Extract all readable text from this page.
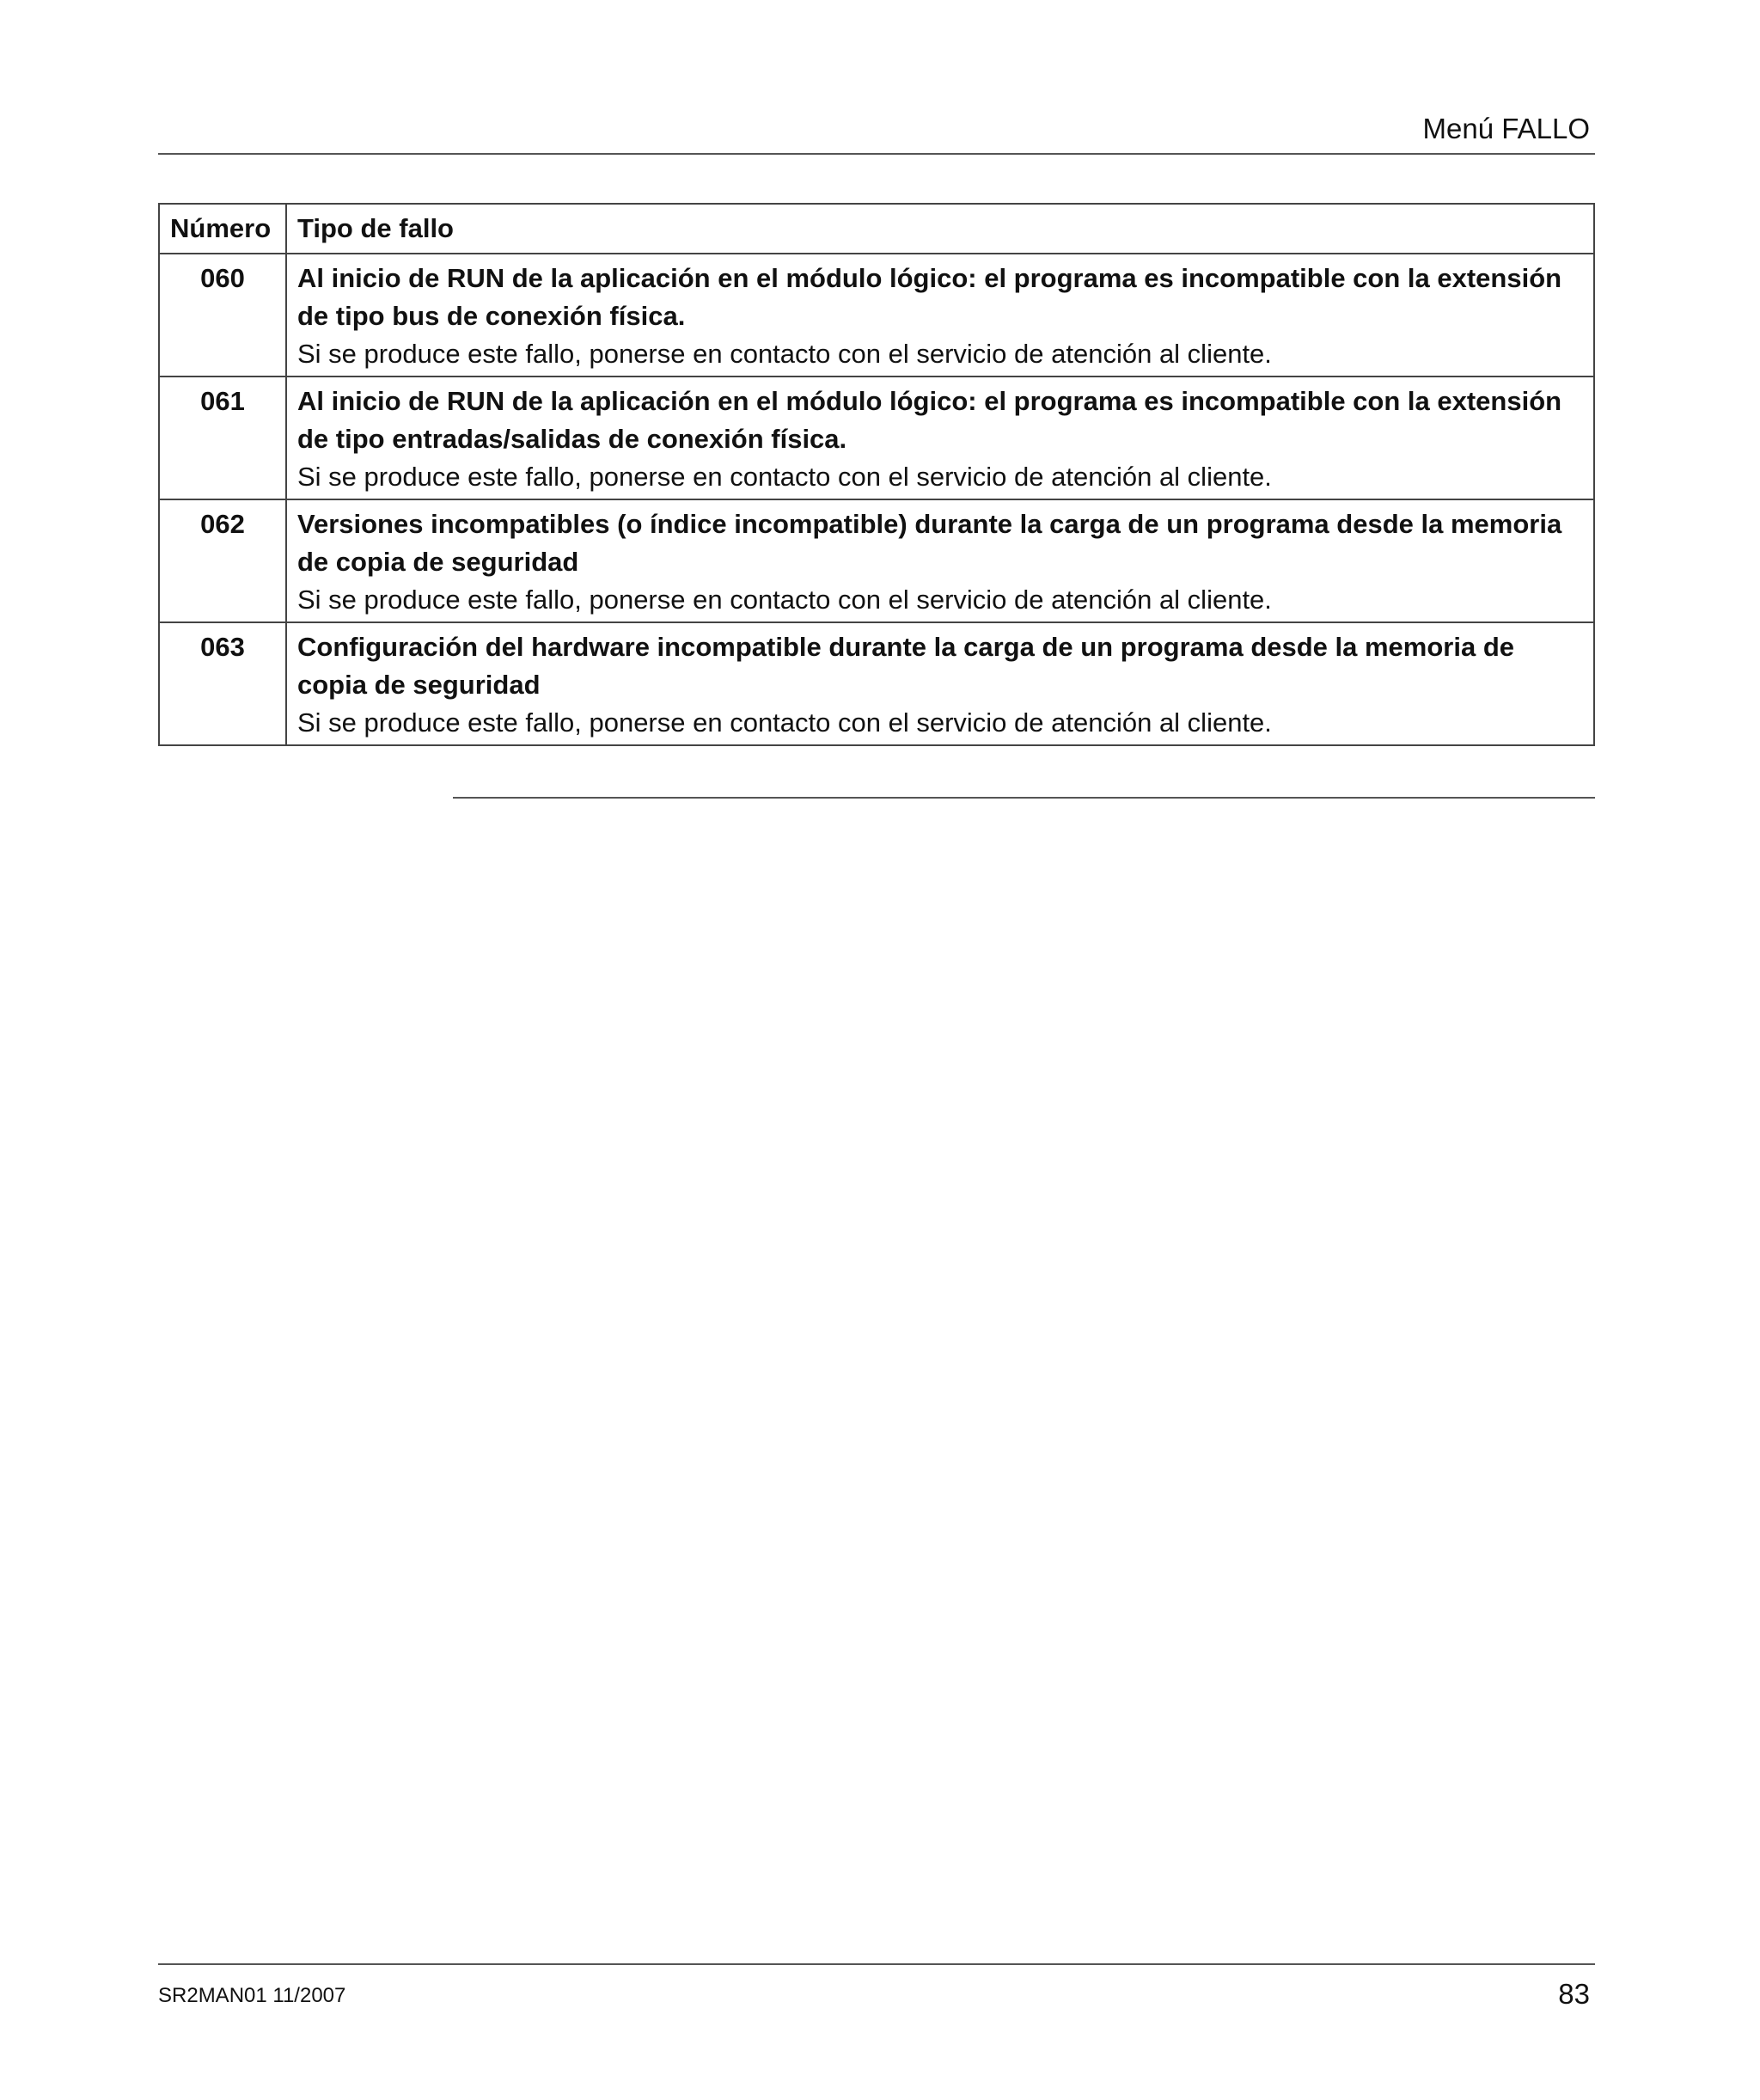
Menú FALLO
Número	Tipo de fallo
060	Al inicio de RUN de la aplicación en el módulo lógico: el programa es incompatible con la extensión de tipo bus de conexión física.
Si se produce este fallo, ponerse en contacto con el servicio de atención al cliente.

061	Al inicio de RUN de la aplicación en el módulo lógico: el programa es incompatible con la extensión de tipo entradas/salidas de conexión física.
Si se produce este fallo, ponerse en contacto con el servicio de atención al cliente.

062	Versiones incompatibles (o índice incompatible) durante la carga de un programa desde la memoria de copia de seguridad
Si se produce este fallo, ponerse en contacto con el servicio de atención al cliente.

063	Configuración del hardware incompatible durante la carga de un programa desde la memoria de copia de seguridad
Si se produce este fallo, ponerse en contacto con el servicio de atención al cliente.
SR2MAN01 11/2007	83
